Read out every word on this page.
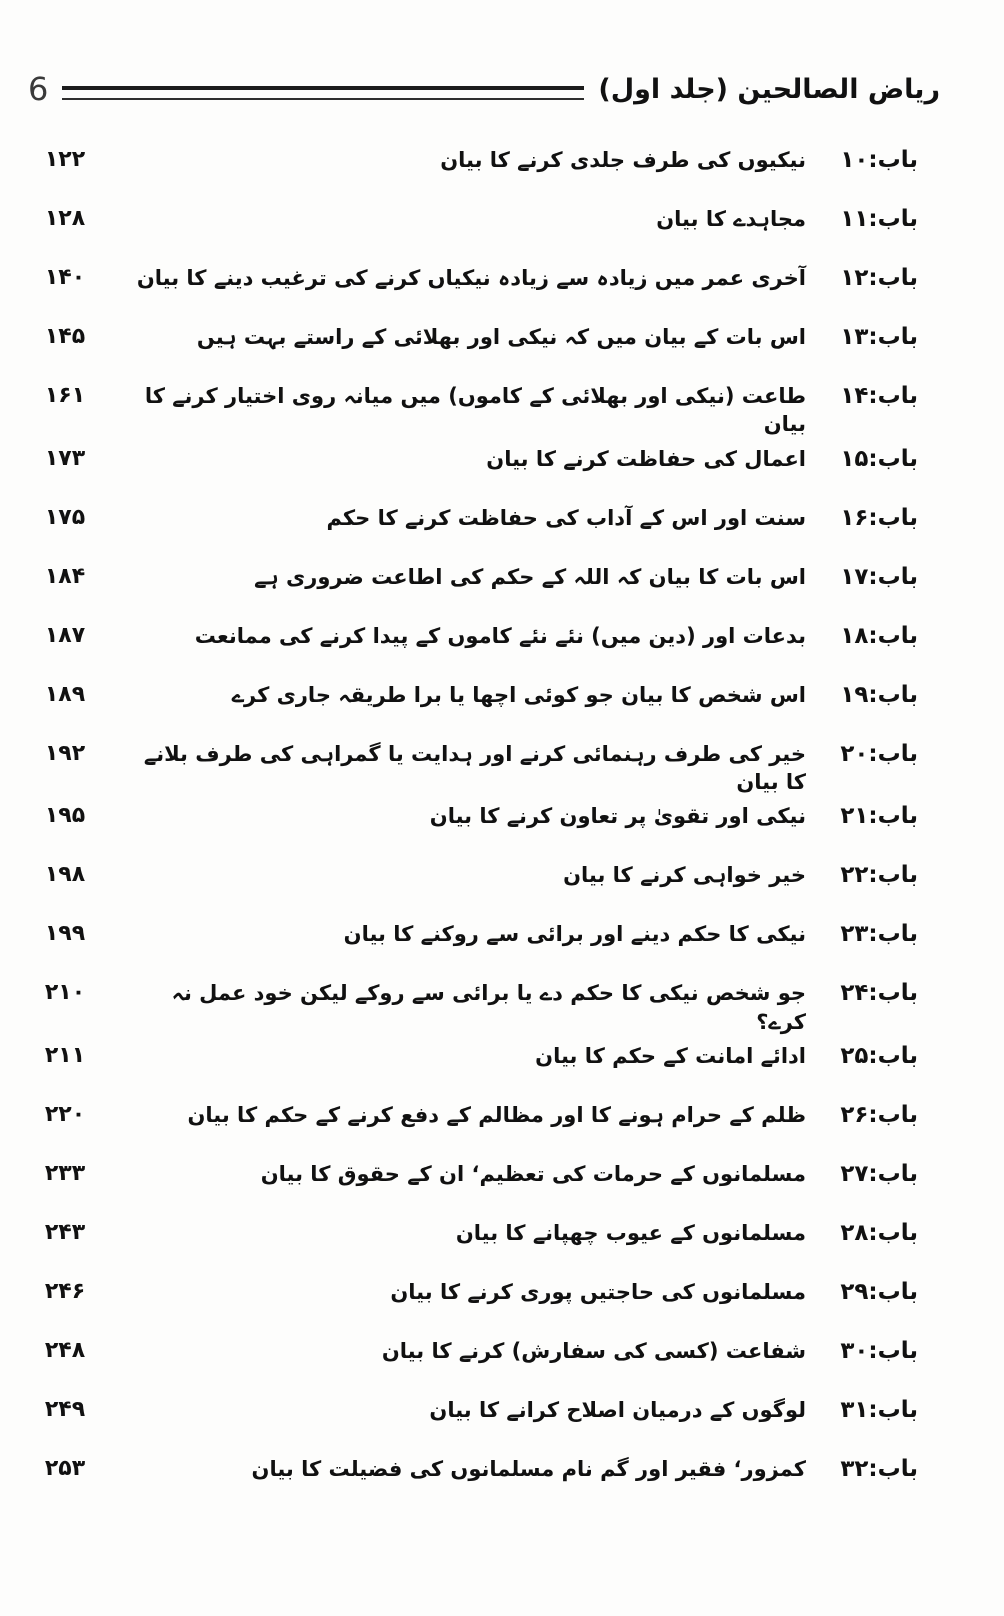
ریاض الصالحین (جلد اول)
6
باب:۱۰
نیکیوں کی طرف جلدی کرنے کا بیان
۱۲۲
باب:۱۱
مجاہدے کا بیان
۱۲۸
باب:۱۲
آخری عمر میں زیادہ سے زیادہ نیکیاں کرنے کی ترغیب دینے کا بیان
۱۴۰
باب:۱۳
اس بات کے بیان میں کہ نیکی اور بھلائی کے راستے بہت ہیں
۱۴۵
باب:۱۴
طاعت (نیکی اور بھلائی کے کاموں) میں میانہ روی اختیار کرنے کا بیان
۱۶۱
باب:۱۵
اعمال کی حفاظت کرنے کا بیان
۱۷۳
باب:۱۶
سنت اور اس کے آداب کی حفاظت کرنے کا حکم
۱۷۵
باب:۱۷
اس بات کا بیان کہ اللہ کے حکم کی اطاعت ضروری ہے
۱۸۴
باب:۱۸
بدعات اور (دین میں) نئے نئے کاموں کے پیدا کرنے کی ممانعت
۱۸۷
باب:۱۹
اس شخص کا بیان جو کوئی اچھا یا برا طریقہ جاری کرے
۱۸۹
باب:۲۰
خیر کی طرف رہنمائی کرنے اور ہدایت یا گمراہی کی طرف بلانے کا بیان
۱۹۲
باب:۲۱
نیکی اور تقویٰ پر تعاون کرنے کا بیان
۱۹۵
باب:۲۲
خیر خواہی کرنے کا بیان
۱۹۸
باب:۲۳
نیکی کا حکم دینے اور برائی سے روکنے کا بیان
۱۹۹
باب:۲۴
جو شخص نیکی کا حکم دے یا برائی سے روکے لیکن خود عمل نہ کرے؟
۲۱۰
باب:۲۵
ادائے امانت کے حکم کا بیان
۲۱۱
باب:۲۶
ظلم کے حرام ہونے کا اور مظالم کے دفع کرنے کے حکم کا بیان
۲۲۰
باب:۲۷
مسلمانوں کے حرمات کی تعظیم‘ ان کے حقوق کا بیان
۲۳۳
باب:۲۸
مسلمانوں کے عیوب چھپانے کا بیان
۲۴۳
باب:۲۹
مسلمانوں کی حاجتیں پوری کرنے کا بیان
۲۴۶
باب:۳۰
شفاعت (کسی کی سفارش) کرنے کا بیان
۲۴۸
باب:۳۱
لوگوں کے درمیان اصلاح کرانے کا بیان
۲۴۹
باب:۳۲
کمزور‘ فقیر اور گم نام مسلمانوں کی فضیلت کا بیان
۲۵۳
